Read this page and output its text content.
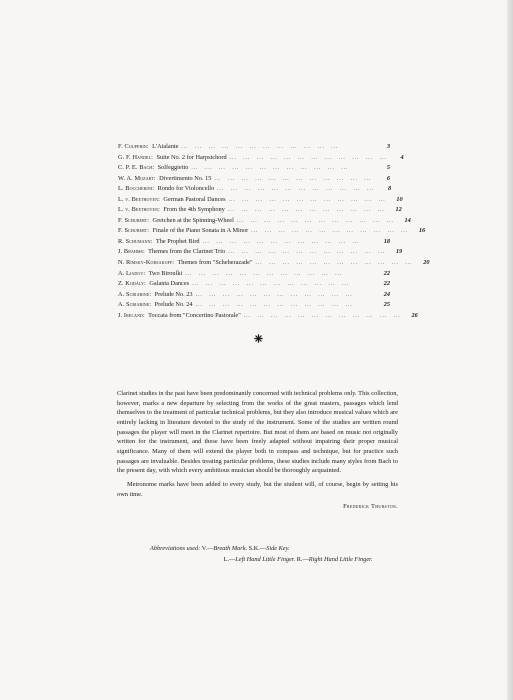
F. Couperin: L'Atalante ... ... ... ... ... ... ... ... ... ... ... ...	3
G. F. Handel: Suite No. 2 for Harpsichord ... ... ... ... ... ... ... ... ... ... ... ...	4
C. P. E. Bach: Solfeggietto ... ... ... ... ... ... ... ... ... ... ... ...	5
W. A. Mozart: Divertimento No. 15 ... ... ... ... ... ... ... ... ... ... ... ...	6
L. Boccherini: Rondo for Violoncello ... ... ... ... ... ... ... ... ... ... ... ...	8
L. v. Beethoven: German Pastoral Dances ... ... ... ... ... ... ... ... ... ... ... ...	10
L. v. Beethoven: From the 4th Symphony ... ... ... ... ... ... ... ... ... ... ... ...	12
F. Schubert: Gretchen at the Spinning-Wheel ... ... ... ... ... ... ... ... ... ... ... ...	14
F. Schubert: Finale of the Piano Sonata in A Minor ... ... ... ... ... ... ... ... ... ... ... ...	16
R. Schumann: The Prophet Bird ... ... ... ... ... ... ... ... ... ... ... ...	18
J. Brahms: Themes from the Clarinet Trio ... ... ... ... ... ... ... ... ... ... ... ...	19
N. Rimsky-Korsakoff: Themes from "Scheherazade" ... ... ... ... ... ... ... ... ... ... ... ...	20
A. Liadov: Two Biroulki ... ... ... ... ... ... ... ... ... ... ... ...	22
Z. Kodály: Galanta Dances ... ... ... ... ... ... ... ... ... ... ... ...	22
A. Scriabine: Prelude No. 23 ... ... ... ... ... ... ... ... ... ... ... ...	24
A. Scriabine: Prelude No. 24 ... ... ... ... ... ... ... ... ... ... ... ...	25
J. Ireland: Toccata from "Concertino Pastorale" ... ... ... ... ... ... ... ... ... ... ... ...	26

Clarinet studies in the past have been predominantly concerned with technical problems only. This collection, however, marks a new departure by selecting from the works of the great masters, passages which lend themselves to the treatment of particular technical problems, but they also introduce musical values which are entirely lacking in literature devoted to the study of the instrument. Some of the studies are written round passages the player will meet in the Clarinet repertoire. But most of them are based on music not originally written for the instrument, and these have been freely adapted without impairing their proper musical significance. Many of them will extend the player both in compass and technique, but for practice such passages are invaluable. Besides treating particular problems, these studies include many styles from Bach to the present day, with which every ambitious musician should be thoroughly acquainted.

Metronome marks have been added to every study, but the student will, of course, begin by setting his own time.

Frederick Thurston.
Abbreviations used: V.—Breath Mark. S.K.—Side Key.
L.—Left Hand Little Finger. R.—Right Hand Little Finger.
